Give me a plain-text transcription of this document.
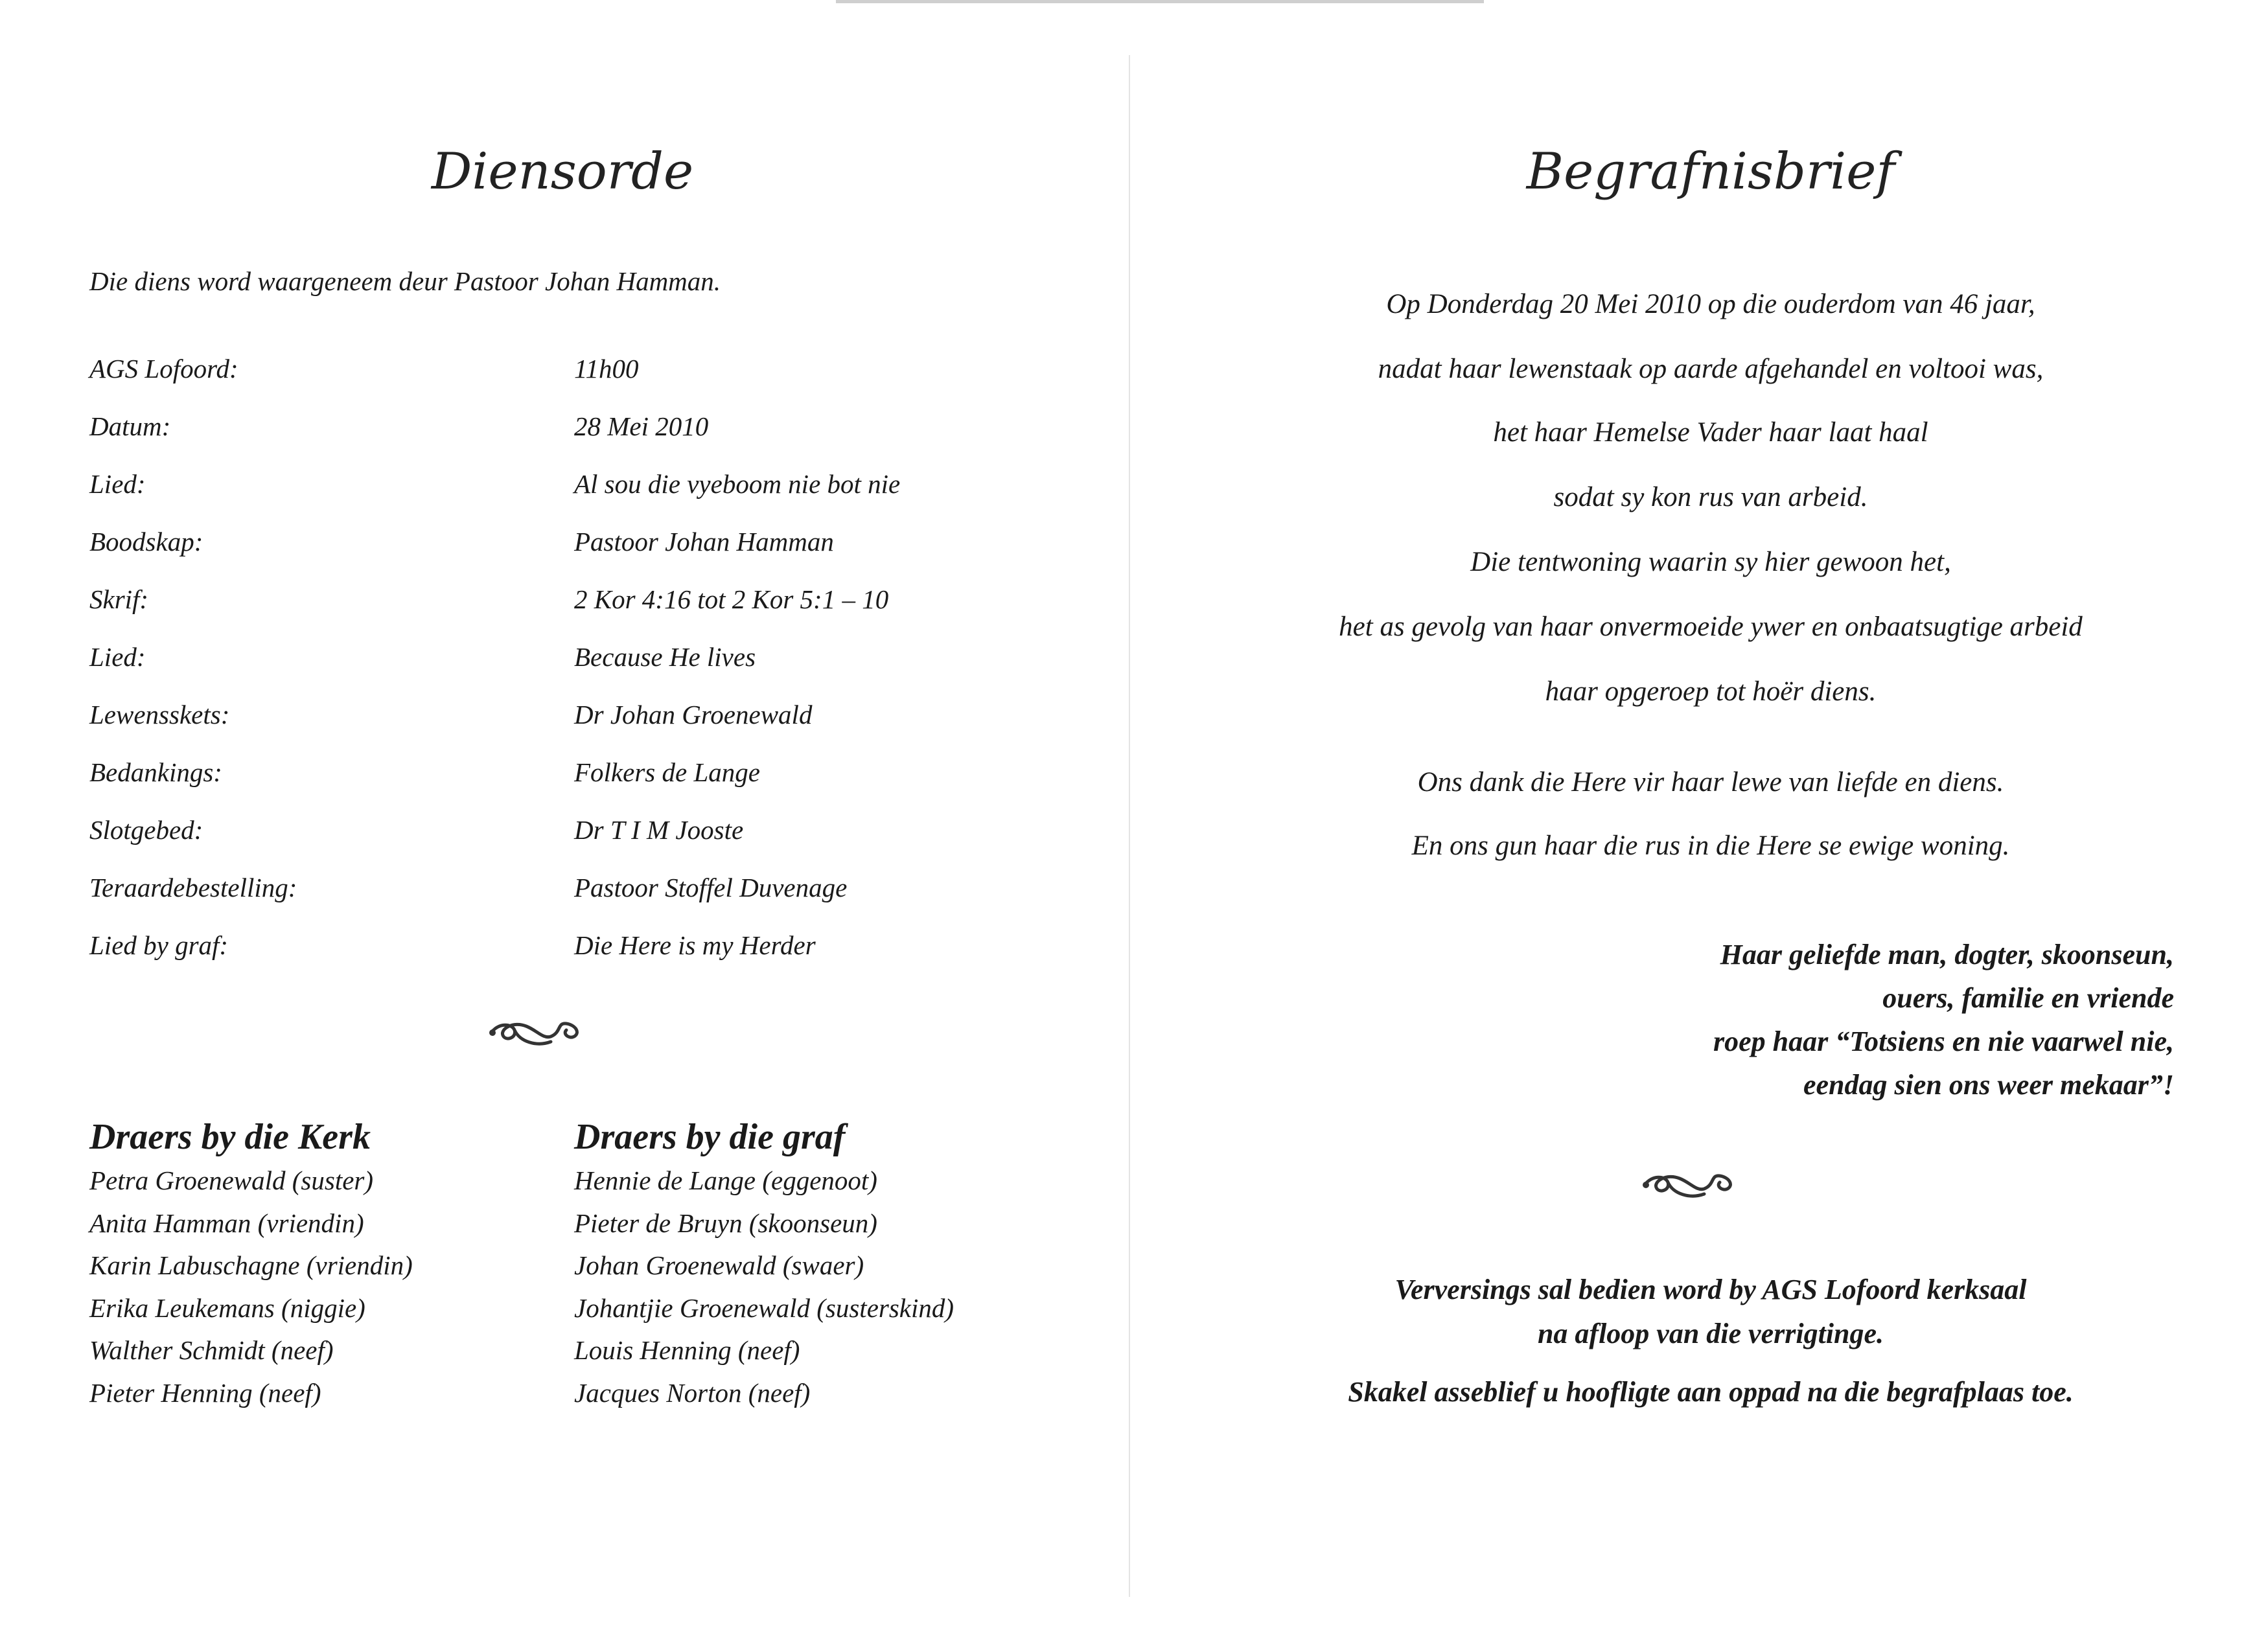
Diensorde
Die diens word waargeneem deur Pastoor Johan Hamman.
AGS Lofoord:	11h00
Datum:	28 Mei 2010
Lied:	Al sou die vyeboom nie bot nie
Boodskap:	Pastoor Johan Hamman
Skrif:	2 Kor 4:16 tot 2 Kor 5:1 – 10
Lied:	Because He lives
Lewensskets:	Dr Johan Groenewald
Bedankings:	Folkers de Lange
Slotgebed:	Dr T I M Jooste
Teraardebestelling:	Pastoor Stoffel Duvenage
Lied by graf:	Die Here is my Herder
Draers by die Kerk
Petra Groenewald (suster)
Anita Hamman (vriendin)
Karin Labuschagne (vriendin)
Erika Leukemans (niggie)
Walther Schmidt (neef)
Pieter Henning (neef)
Draers by die graf
Hennie de Lange (eggenoot)
Pieter de Bruyn (skoonseun)
Johan Groenewald (swaer)
Johantjie Groenewald (susterskind)
Louis Henning (neef)
Jacques Norton (neef)
Begrafnisbrief
Op Donderdag 20 Mei 2010 op die ouderdom van 46 jaar,
nadat haar lewenstaak op aarde afgehandel en voltooi was,
het haar Hemelse Vader haar laat haal
sodat sy kon rus van arbeid.
Die tentwoning waarin sy hier gewoon het,
het as gevolg van haar onvermoeide ywer en onbaatsugtige arbeid
haar opgeroep tot hoër diens.
Ons dank die Here vir haar lewe van liefde en diens.
En ons gun haar die rus in die Here se ewige woning.
Haar geliefde man, dogter, skoonseun,
ouers, familie en vriende
roep haar “Totsiens en nie vaarwel nie,
eendag sien ons weer mekaar”!
Verversings sal bedien word by AGS Lofoord kerksaal
na afloop van die verrigtinge.
Skakel asseblief u hoofligte aan oppad na die begrafplaas toe.
